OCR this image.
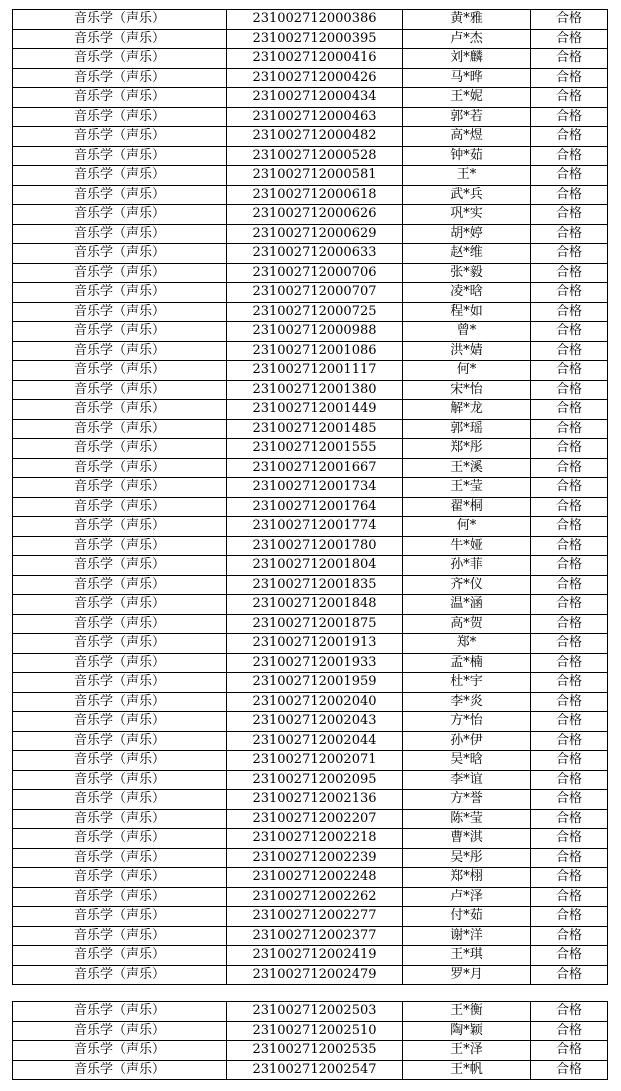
音乐学（声乐）	231002712000386	黄*雅	合格
音乐学（声乐）	231002712000395	卢*杰	合格
音乐学（声乐）	231002712000416	刘*麟	合格
音乐学（声乐）	231002712000426	马*晔	合格
音乐学（声乐）	231002712000434	王*妮	合格
音乐学（声乐）	231002712000463	郭*若	合格
音乐学（声乐）	231002712000482	高*煜	合格
音乐学（声乐）	231002712000528	钟*茹	合格
音乐学（声乐）	231002712000581	王*	合格
音乐学（声乐）	231002712000618	武*兵	合格
音乐学（声乐）	231002712000626	巩*实	合格
音乐学（声乐）	231002712000629	胡*婷	合格
音乐学（声乐）	231002712000633	赵*维	合格
音乐学（声乐）	231002712000706	张*毅	合格
音乐学（声乐）	231002712000707	凌*晗	合格
音乐学（声乐）	231002712000725	程*如	合格
音乐学（声乐）	231002712000988	曾*	合格
音乐学（声乐）	231002712001086	洪*婧	合格
音乐学（声乐）	231002712001117	何*	合格
音乐学（声乐）	231002712001380	宋*怡	合格
音乐学（声乐）	231002712001449	解*龙	合格
音乐学（声乐）	231002712001485	郭*瑶	合格
音乐学（声乐）	231002712001555	郑*彤	合格
音乐学（声乐）	231002712001667	王*溪	合格
音乐学（声乐）	231002712001734	王*莹	合格
音乐学（声乐）	231002712001764	翟*桐	合格
音乐学（声乐）	231002712001774	何*	合格
音乐学（声乐）	231002712001780	牛*娅	合格
音乐学（声乐）	231002712001804	孙*菲	合格
音乐学（声乐）	231002712001835	齐*仪	合格
音乐学（声乐）	231002712001848	温*涵	合格
音乐学（声乐）	231002712001875	高*贺	合格
音乐学（声乐）	231002712001913	郑*	合格
音乐学（声乐）	231002712001933	孟*楠	合格
音乐学（声乐）	231002712001959	杜*宇	合格
音乐学（声乐）	231002712002040	李*炎	合格
音乐学（声乐）	231002712002043	方*怡	合格
音乐学（声乐）	231002712002044	孙*伊	合格
音乐学（声乐）	231002712002071	吴*晗	合格
音乐学（声乐）	231002712002095	李*谊	合格
音乐学（声乐）	231002712002136	方*誉	合格
音乐学（声乐）	231002712002207	陈*莹	合格
音乐学（声乐）	231002712002218	曹*淇	合格
音乐学（声乐）	231002712002239	吴*彤	合格
音乐学（声乐）	231002712002248	郑*栩	合格
音乐学（声乐）	231002712002262	卢*泽	合格
音乐学（声乐）	231002712002277	付*茹	合格
音乐学（声乐）	231002712002377	谢*洋	合格
音乐学（声乐）	231002712002419	王*琪	合格
音乐学（声乐）	231002712002479	罗*月	合格
音乐学（声乐）	231002712002503	王*衡	合格
音乐学（声乐）	231002712002510	陶*颖	合格
音乐学（声乐）	231002712002535	王*泽	合格
音乐学（声乐）	231002712002547	王*帆	合格
